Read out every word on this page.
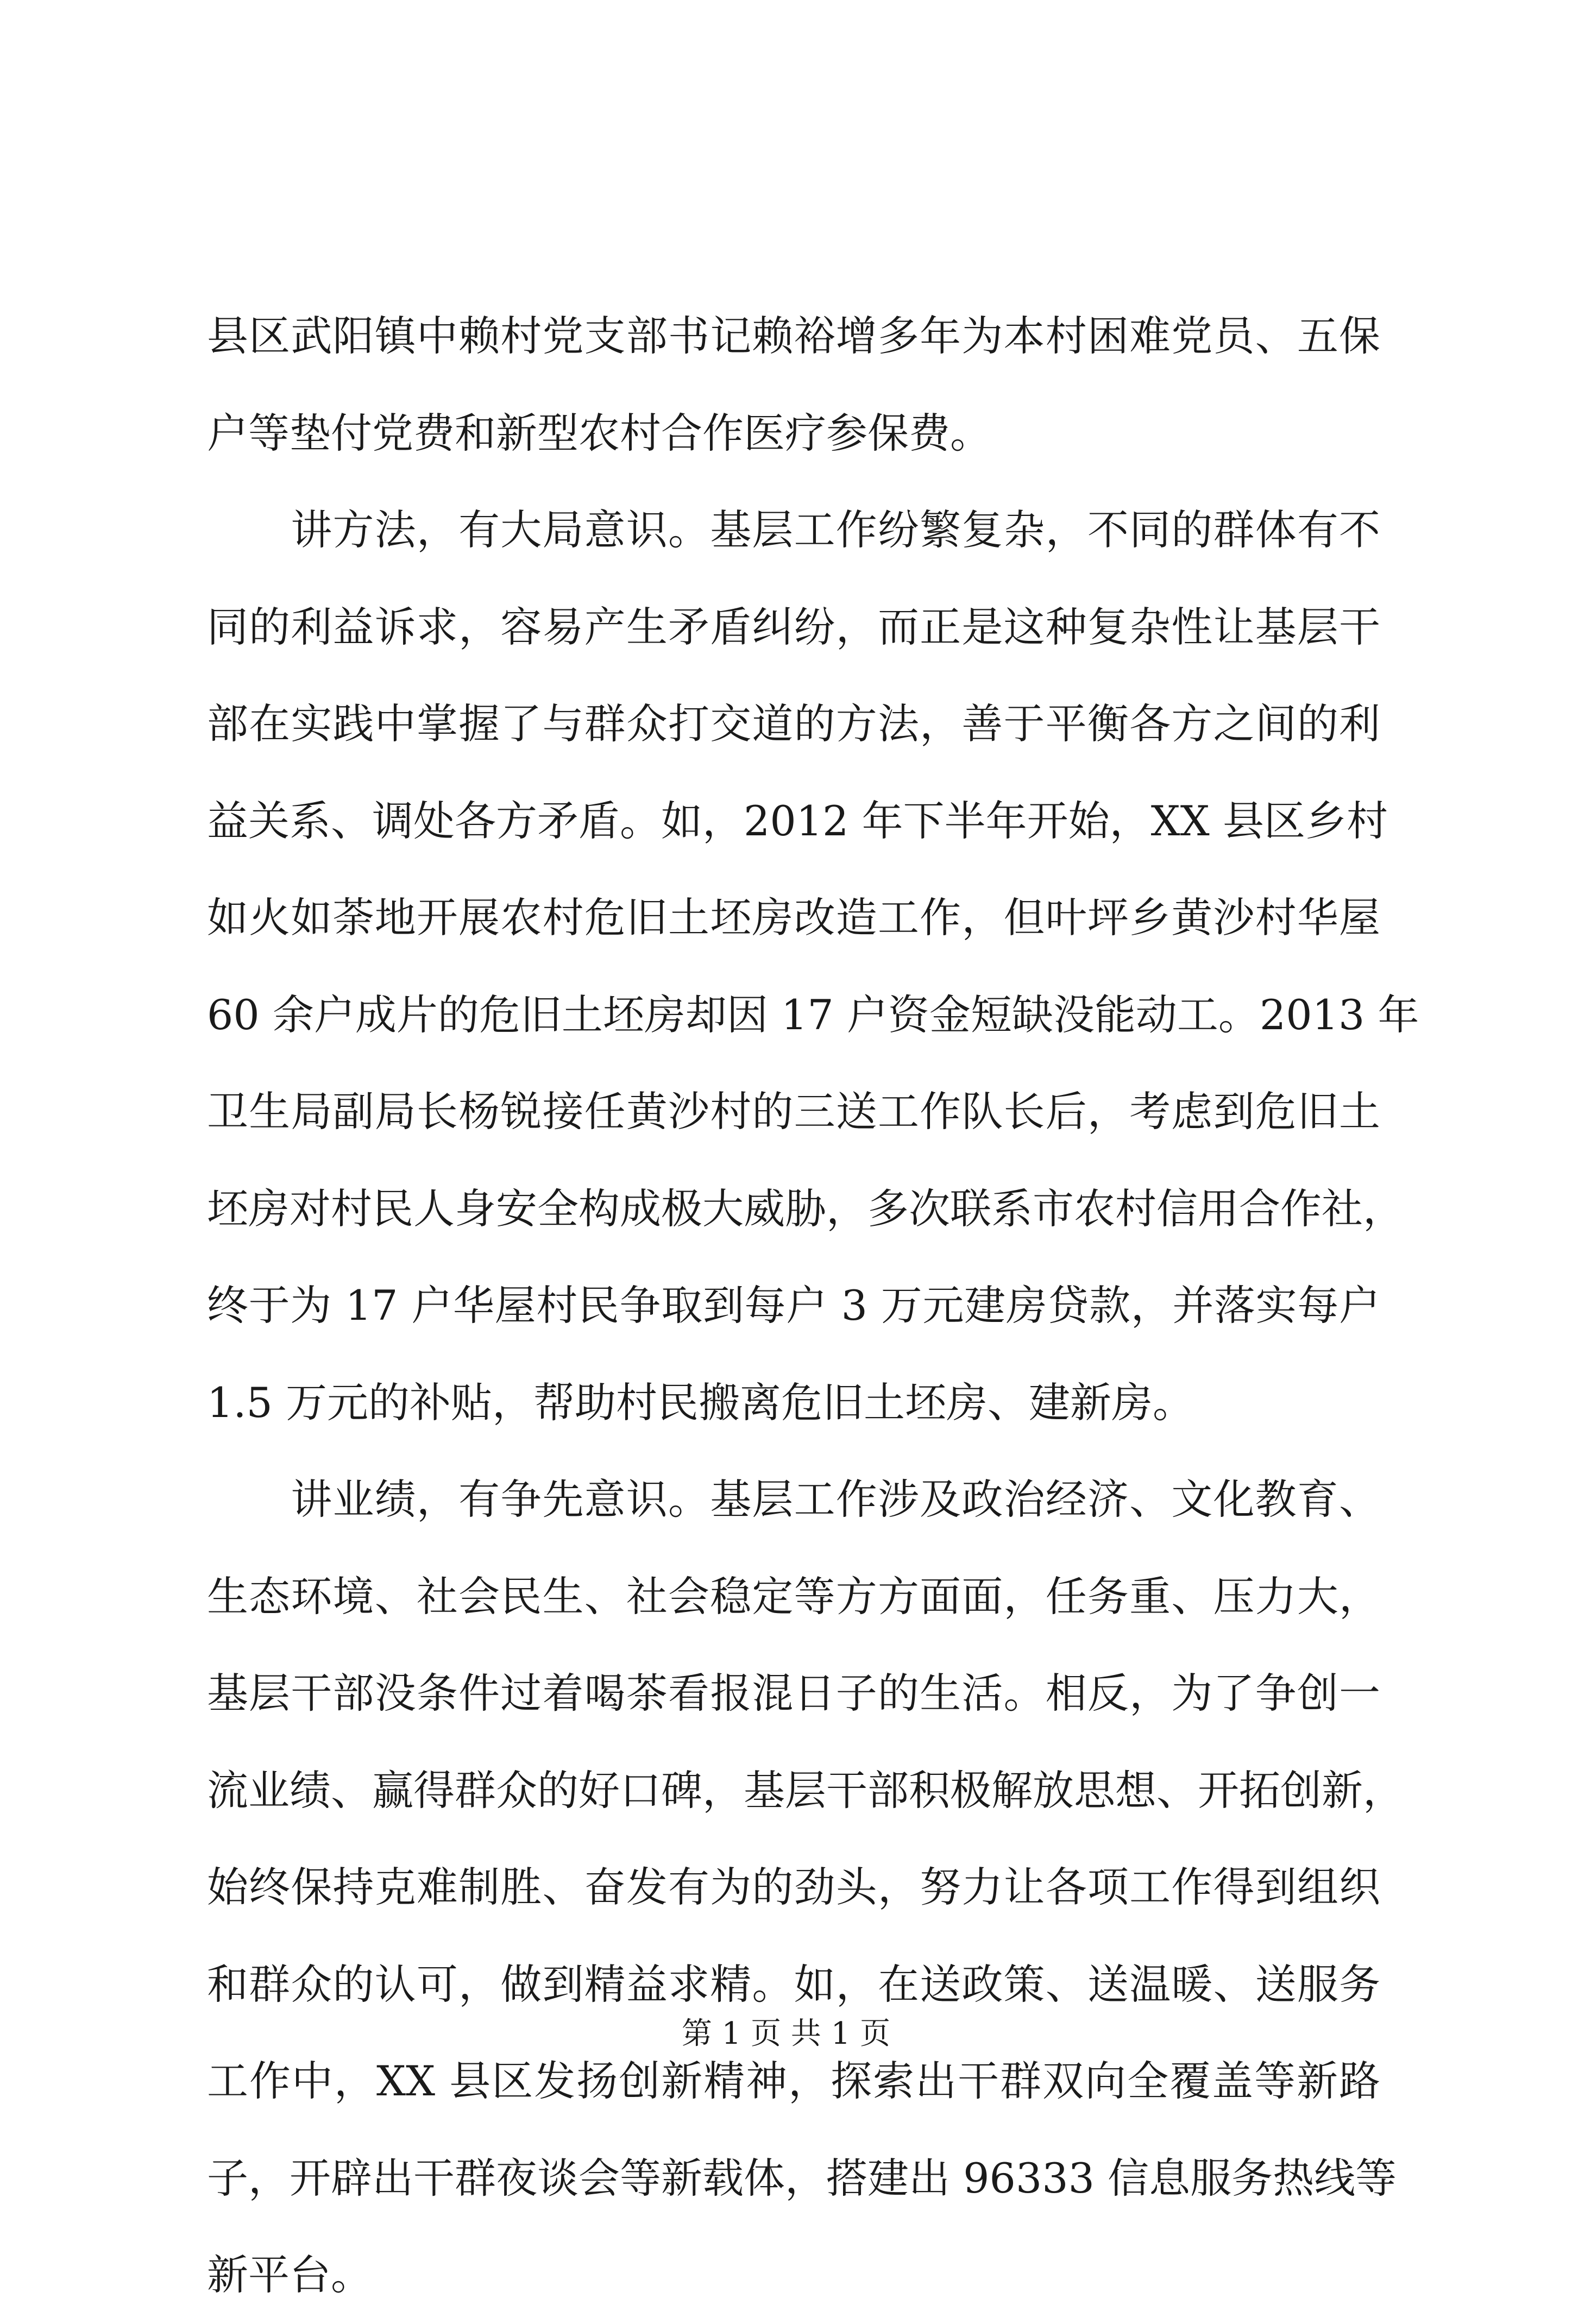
县区武阳镇中赖村党支部书记赖裕增多年为本村困难党员、五保
户等垫付党费和新型农村合作医疗参保费。
　　讲方法，有大局意识。基层工作纷繁复杂，不同的群体有不
同的利益诉求，容易产生矛盾纠纷，而正是这种复杂性让基层干
部在实践中掌握了与群众打交道的方法，善于平衡各方之间的利
益关系、调处各方矛盾。如，2012 年下半年开始，XX 县区乡村
如火如荼地开展农村危旧土坯房改造工作，但叶坪乡黄沙村华屋
60 余户成片的危旧土坯房却因 17 户资金短缺没能动工。2013 年
卫生局副局长杨锐接任黄沙村的三送工作队长后，考虑到危旧土
坯房对村民人身安全构成极大威胁，多次联系市农村信用合作社，
终于为 17 户华屋村民争取到每户 3 万元建房贷款，并落实每户
1.5 万元的补贴，帮助村民搬离危旧土坯房、建新房。
　　讲业绩，有争先意识。基层工作涉及政治经济、文化教育、
生态环境、社会民生、社会稳定等方方面面，任务重、压力大，
基层干部没条件过着喝茶看报混日子的生活。相反，为了争创一
流业绩、赢得群众的好口碑，基层干部积极解放思想、开拓创新，
始终保持克难制胜、奋发有为的劲头，努力让各项工作得到组织
和群众的认可，做到精益求精。如，在送政策、送温暖、送服务
工作中，XX 县区发扬创新精神，探索出干群双向全覆盖等新路
子，开辟出干群夜谈会等新载体，搭建出 96333 信息服务热线等
新平台。
第 1 页 共 1 页
